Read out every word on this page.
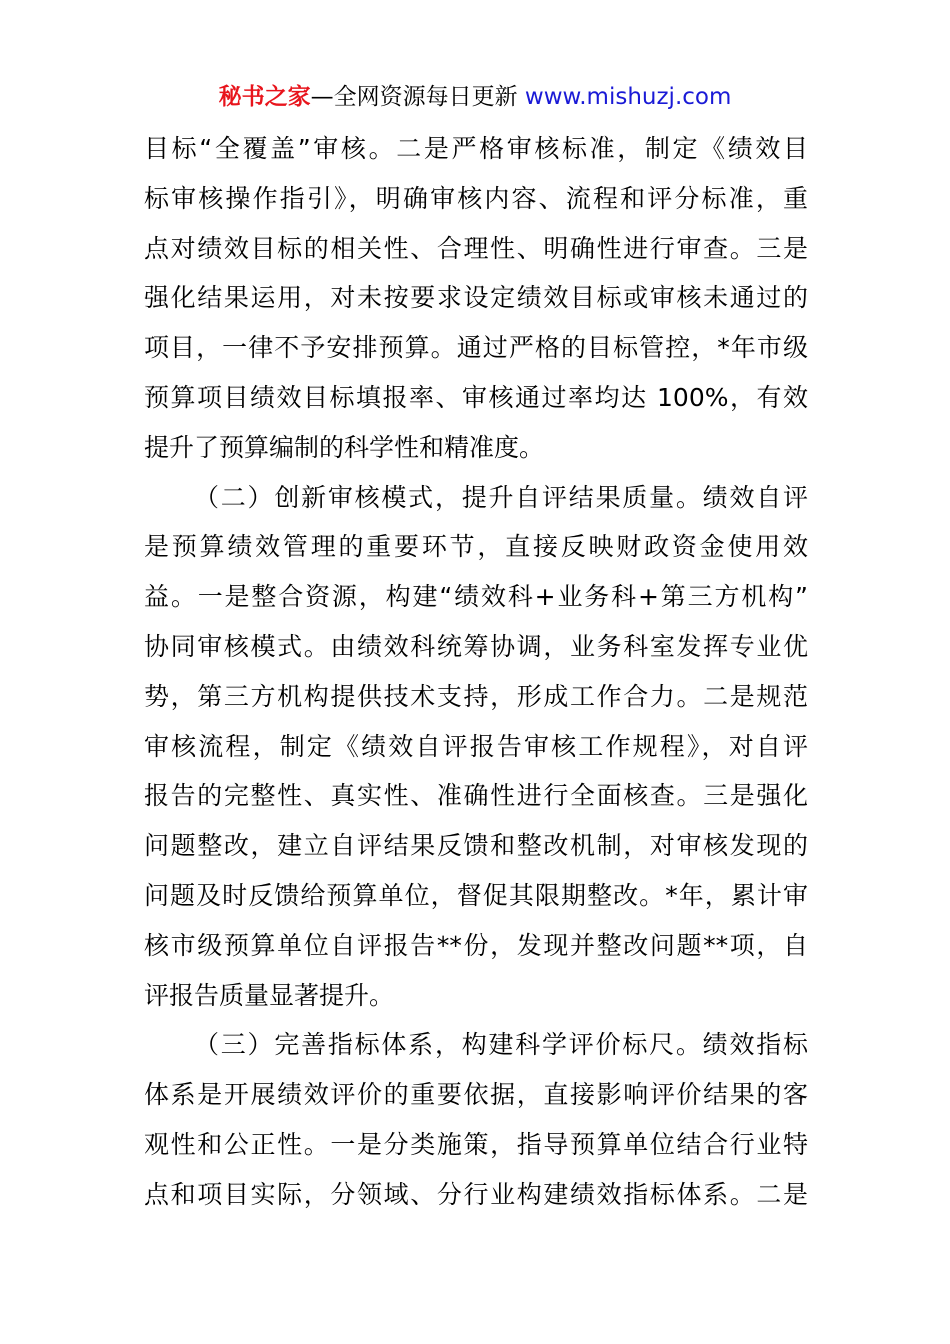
秘书之家—全网资源每日更新 www.mishuzj.com
目标“全覆盖”审核。二是严格审核标准，制定《绩效目
标审核操作指引》，明确审核内容、流程和评分标准，重
点对绩效目标的相关性、合理性、明确性进行审查。三是
强化结果运用，对未按要求设定绩效目标或审核未通过的
项目，一律不予安排预算。通过严格的目标管控，*年市级
预算项目绩效目标填报率、审核通过率均达 100%，有效
提升了预算编制的科学性和精准度。
（二）创新审核模式，提升自评结果质量。绩效自评
是预算绩效管理的重要环节，直接反映财政资金使用效
益。一是整合资源，构建“绩效科+业务科+第三方机构”
协同审核模式。由绩效科统筹协调，业务科室发挥专业优
势，第三方机构提供技术支持，形成工作合力。二是规范
审核流程，制定《绩效自评报告审核工作规程》，对自评
报告的完整性、真实性、准确性进行全面核查。三是强化
问题整改，建立自评结果反馈和整改机制，对审核发现的
问题及时反馈给预算单位，督促其限期整改。*年，累计审
核市级预算单位自评报告**份，发现并整改问题**项，自
评报告质量显著提升。
（三）完善指标体系，构建科学评价标尺。绩效指标
体系是开展绩效评价的重要依据，直接影响评价结果的客
观性和公正性。一是分类施策，指导预算单位结合行业特
点和项目实际，分领域、分行业构建绩效指标体系。二是
